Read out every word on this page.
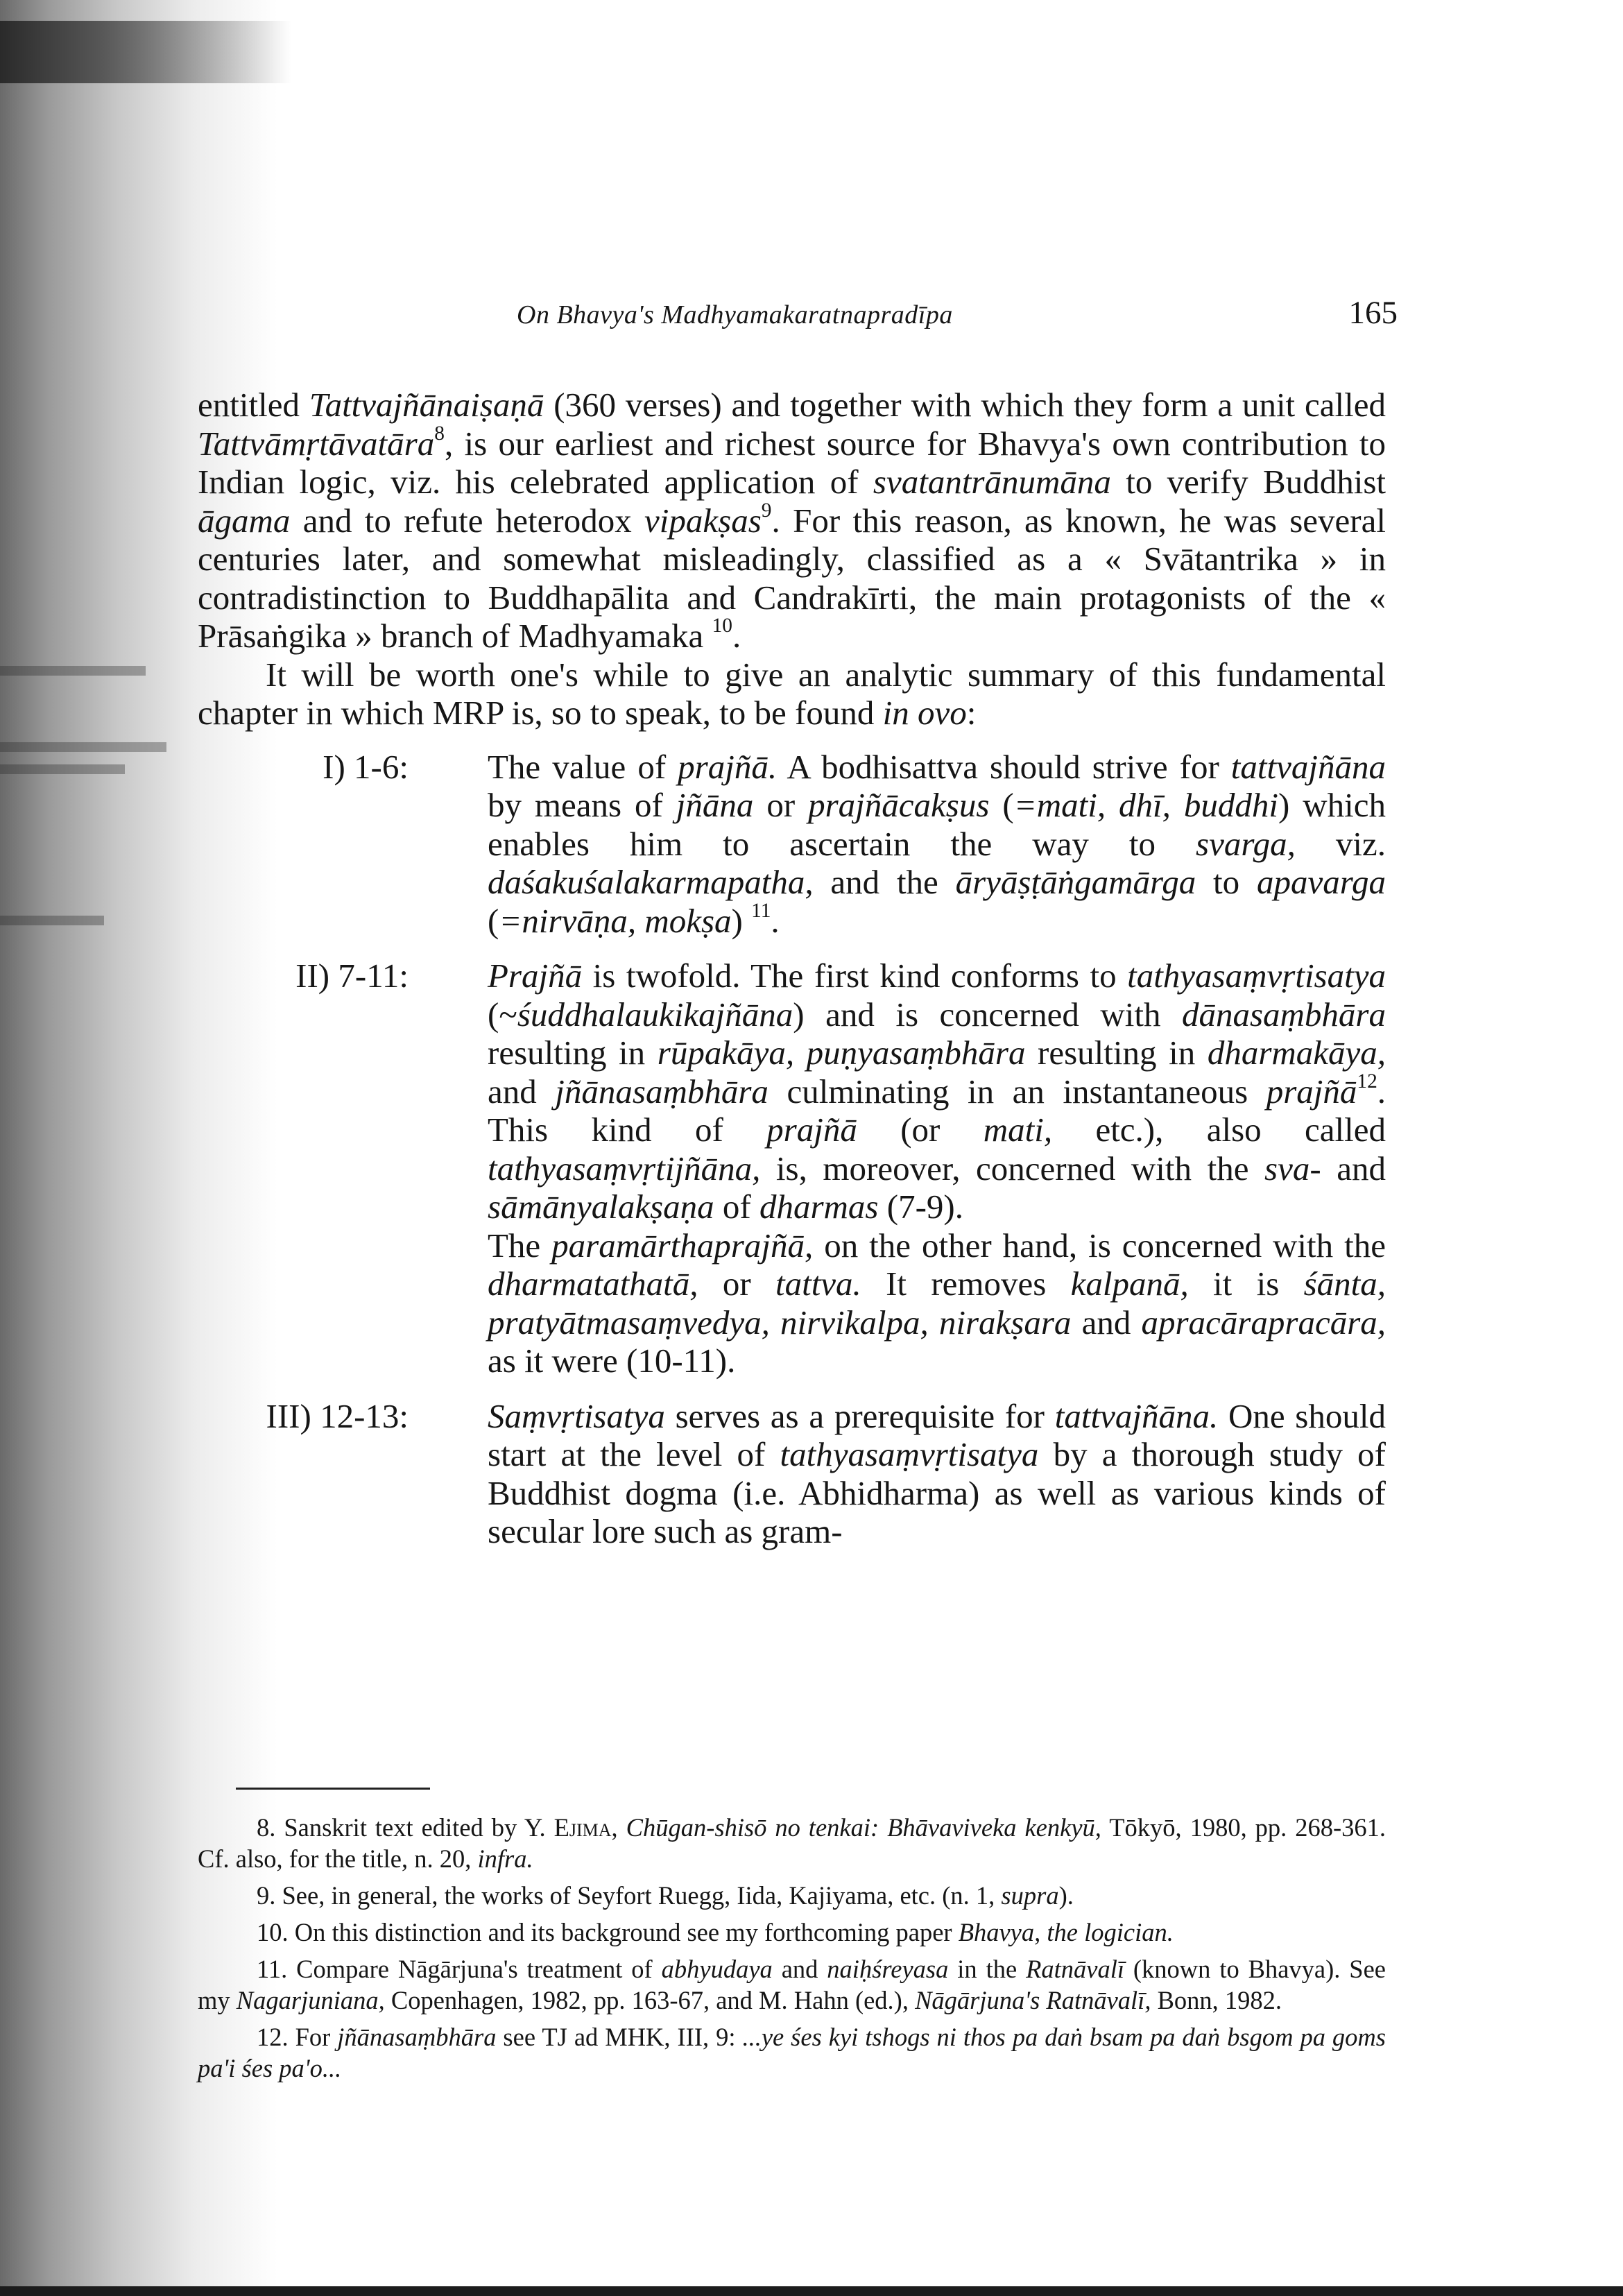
On Bhavya's Madhyamakaratnapradīpa	165

entitled Tattvajñānaiṣaṇā (360 verses) and together with which they form a unit called Tattvāmṛtāvatāra$^8$, is our earliest and richest source for Bhavya's own contribution to Indian logic, viz. his celebrated application of svatantrānumāna to verify Buddhist āgama and to refute heterodox vipakṣas$^9$. For this reason, as known, he was several centuries later, and somewhat misleadingly, classified as a « Svātantrika » in contradistinction to Buddhapālita and Candrakīrti, the main protagonists of the « Prāsaṅgika » branch of Madhyamaka $^{10}$.

It will be worth one's while to give an analytic summary of this fundamental chapter in which MRP is, so to speak, to be found in ovo:

I) 1-6:	The value of prajñā. A bodhisattva should strive for tattvajñāna by means of jñāna or prajñācakṣus (=mati, dhī, buddhi) which enables him to ascertain the way to svarga, viz. daśakuśalakarmapatha, and the āryāṣṭāṅgamārga to apavarga (=nirvāṇa, mokṣa) $^{11}$.

II) 7-11:	Prajñā is twofold. The first kind conforms to tathyasaṃvṛtisatya (~śuddhalaukikajñāna) and is concerned with dānasaṃbhāra resulting in rūpakāya, puṇyasaṃbhāra resulting in dharmakāya, and jñānasaṃbhāra culminating in an instantaneous prajñā$^{12}$. This kind of prajñā (or mati, etc.), also called tathyasaṃvṛtijñāna, is, moreover, concerned with the sva- and sāmānyalakṣaṇa of dharmas (7-9).

The paramārthaprajñā, on the other hand, is concerned with the dharmatathatā, or tattva. It removes kalpanā, it is śānta, pratyātmasaṃvedya, nirvikalpa, nirakṣara and apracārapracāra, as it were (10-11).

III) 12-13:	Saṃvṛtisatya serves as a prerequisite for tattvajñāna. One should start at the level of tathyasaṃvṛtisatya by a thorough study of Buddhist dogma (i.e. Abhidharma) as well as various kinds of secular lore such as gram-

8. Sanskrit text edited by Y. Ejima, Chūgan-shisō no tenkai: Bhāvaviveka kenkyū, Tōkyō, 1980, pp. 268-361. Cf. also, for the title, n. 20, infra.

9. See, in general, the works of Seyfort Ruegg, Iida, Kajiyama, etc. (n. 1, supra).

10. On this distinction and its background see my forthcoming paper Bhavya, the logician.

11. Compare Nāgārjuna's treatment of abhyudaya and naiḥśreyasa in the Ratnāvalī (known to Bhavya). See my Nagarjuniana, Copenhagen, 1982, pp. 163-67, and M. Hahn (ed.), Nāgārjuna's Ratnāvalī, Bonn, 1982.

12. For jñānasaṃbhāra see TJ ad MHK, III, 9: ...ye śes kyi tshogs ni thos pa daṅ bsam pa daṅ bsgom pa goms pa'i śes pa'o...
